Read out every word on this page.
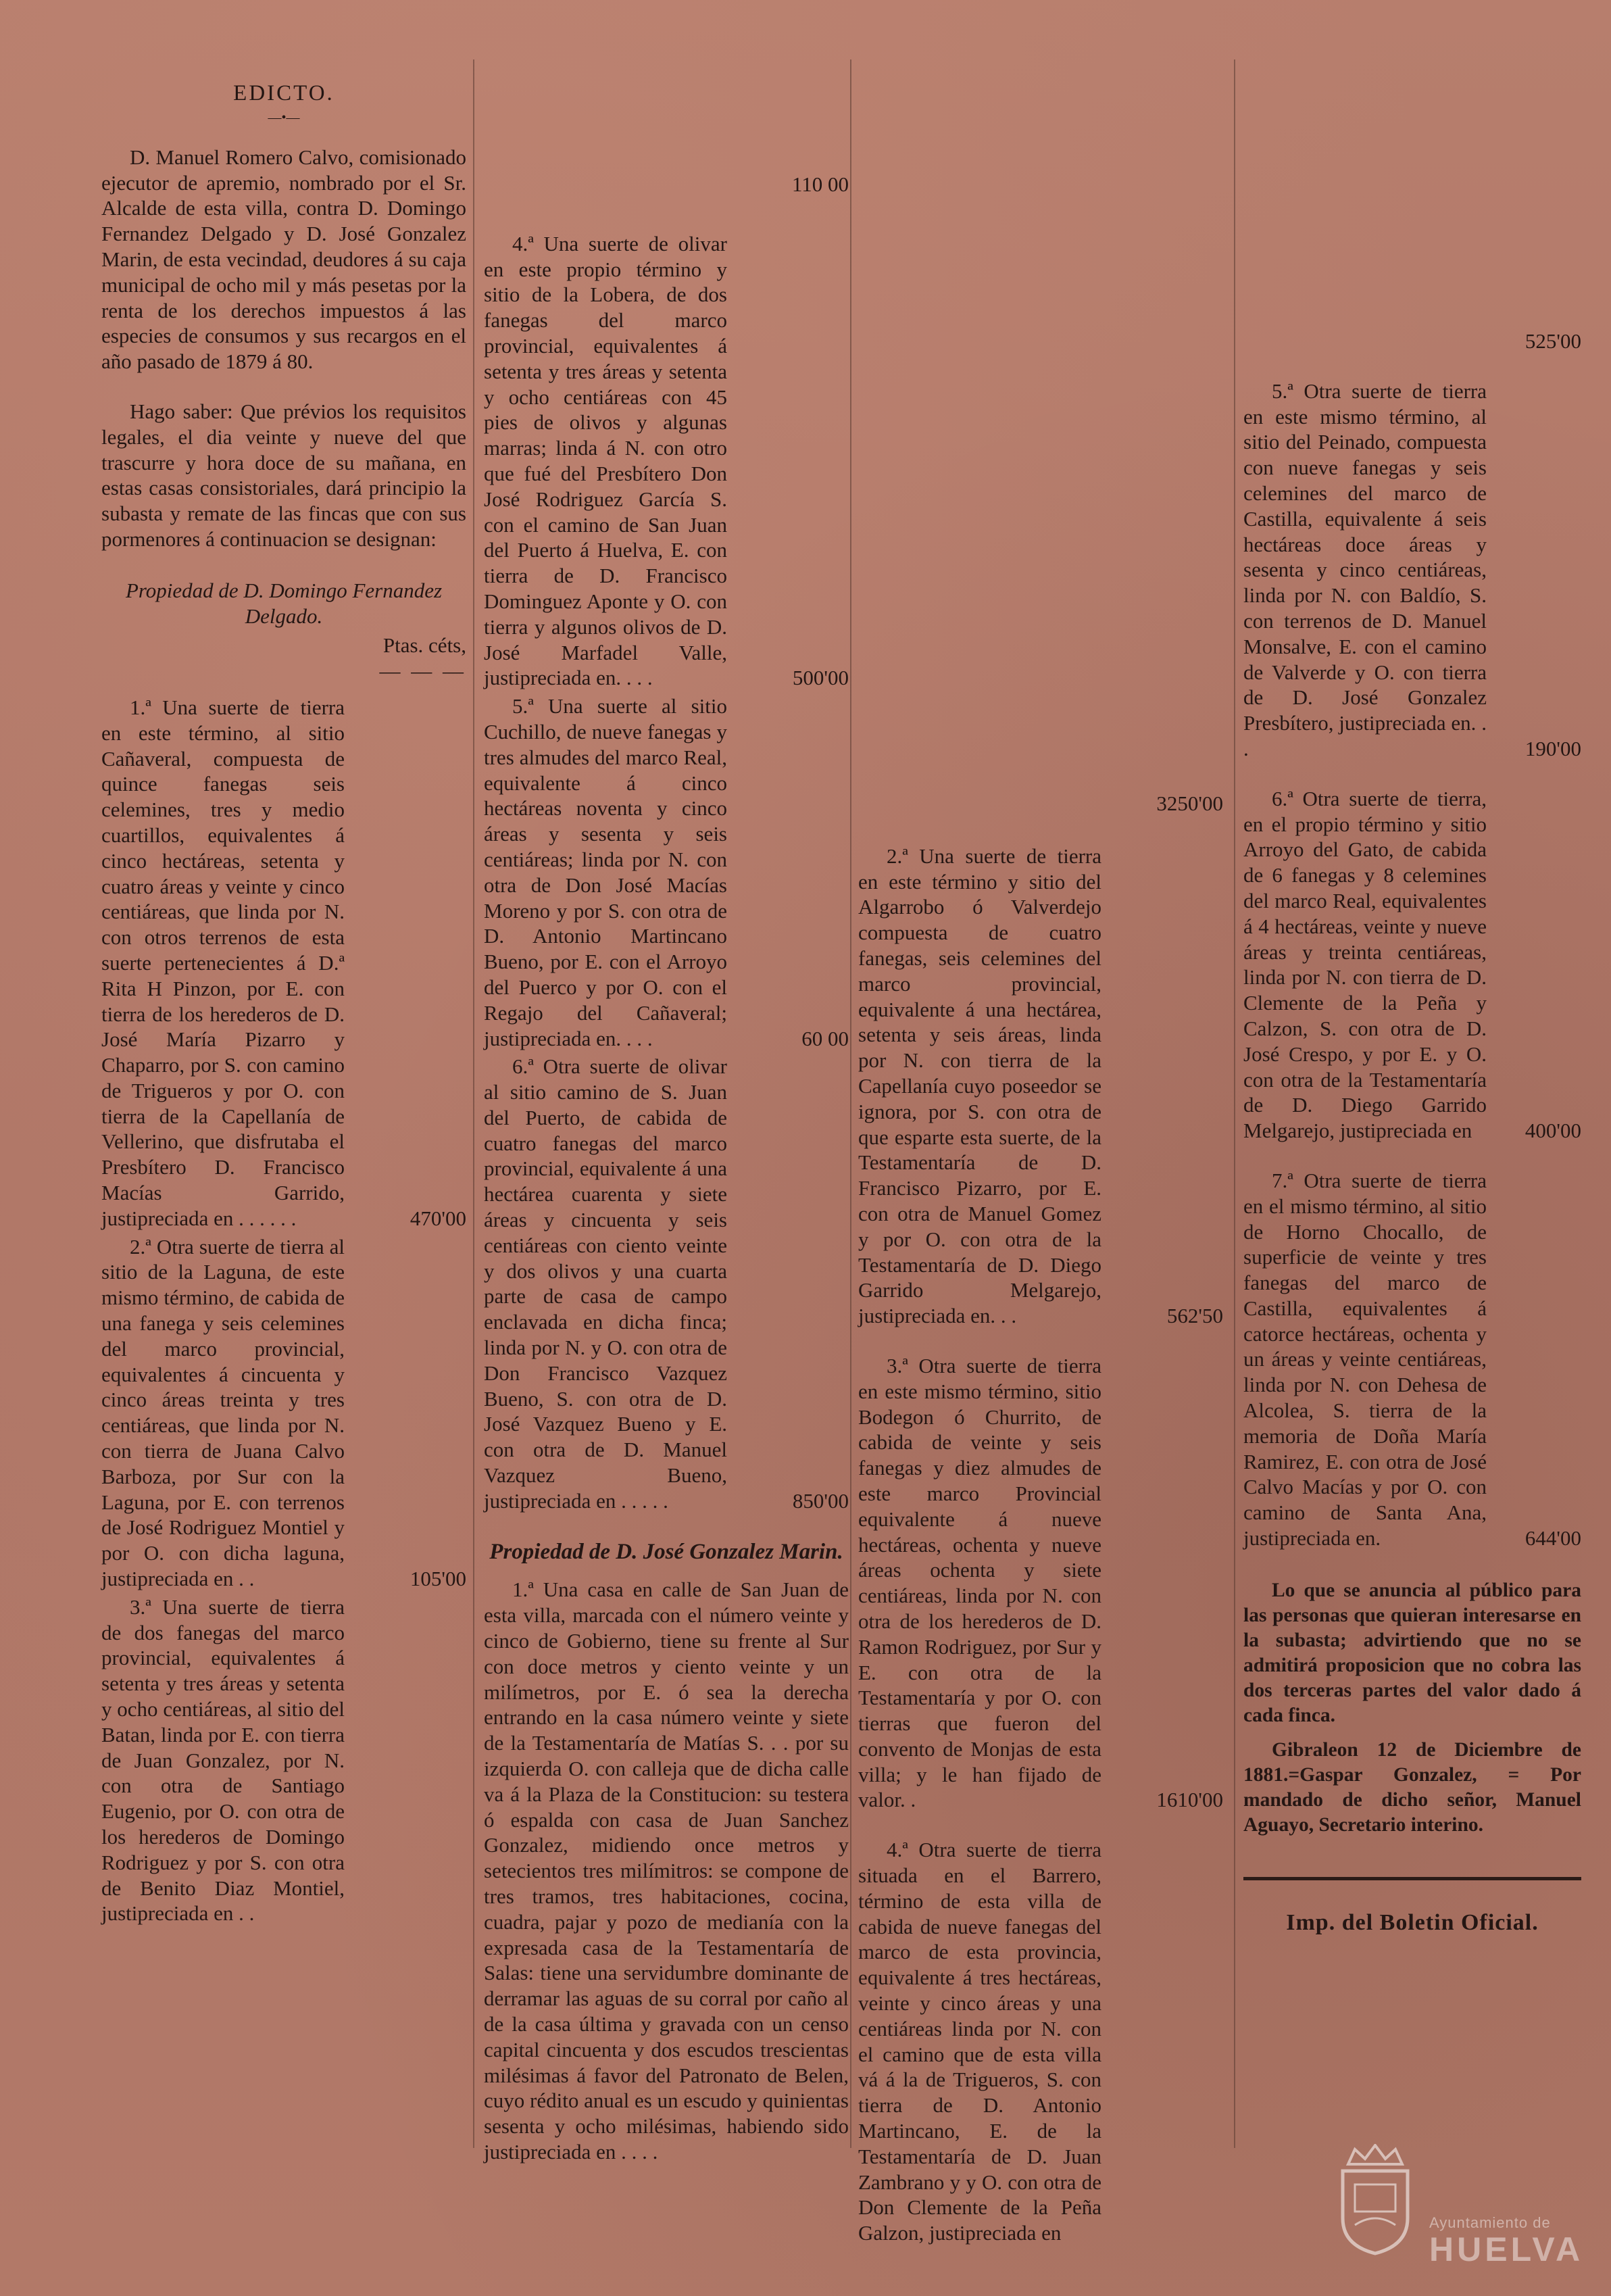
EDICTO.
—•—

D. Manuel Romero Calvo, comisionado ejecutor de apremio, nombrado por el Sr. Alcalde de esta villa, contra D. Domingo Fernandez Delgado y D. José Gonzalez Marin, de esta vecindad, deudores á su caja municipal de ocho mil y más pesetas por la renta de los derechos impuestos á las especies de consumos y sus recargos en el año pasado de 1879 á 80.

Hago saber: Que prévios los requisitos legales, el dia veinte y nueve del que trascurre y hora doce de su mañana, en estas casas consistoriales, dará principio la subasta y remate de las fincas que con sus pormenores á continuacion se designan:

Propiedad de D. Domingo Fernandez Delgado.
Ptas. céts,
— — —
1.ª Una suerte de tierra en este término, al sitio Cañaveral, compuesta de quince fanegas seis celemines, tres y medio cuartillos, equivalentes á cinco hectáreas, setenta y cuatro áreas y veinte y cinco centiáreas, que linda por N. con otros terrenos de esta suerte pertenecientes á D.ª Rita H Pinzon, por E. con tierra de los herederos de D. José María Pizarro y Chaparro, por S. con camino de Trigueros y por O. con tierra de la Capellanía de Vellerino, que disfrutaba el Presbítero D. Francisco Macías Garrido, justipreciada en . . . . . .	470'00
2.ª Otra suerte de tierra al sitio de la Laguna, de este mismo término, de cabida de una fanega y seis celemines del marco provincial, equivalentes á cincuenta y cinco áreas treinta y tres centiáreas, que linda por N. con tierra de Juana Calvo Barboza, por Sur con la Laguna, por E. con terrenos de José Rodriguez Montiel y por O. con dicha laguna, justipreciada en . .	105'00
3.ª Una suerte de tierra de dos fanegas del marco provincial, equivalentes á setenta y tres áreas y setenta y ocho centiáreas, al sitio del Batan, linda por E. con tierra de Juan Gonzalez, por N. con otra de Santiago Eugenio, por O. con otra de los herederos de Domingo Rodriguez y por S. con otra de Benito Diaz Montiel, justipreciada en . .
110 00
4.ª Una suerte de olivar en este propio término y sitio de la Lobera, de dos fanegas del marco provincial, equivalentes á setenta y tres áreas y setenta y ocho centiáreas con 45 pies de olivos y algunas marras; linda á N. con otro que fué del Presbítero Don José Rodriguez García S. con el camino de San Juan del Puerto á Huelva, E. con tierra de D. Francisco Dominguez Aponte y O. con tierra y algunos olivos de D. José Marfadel Valle, justipreciada en. . . .	500'00
5.ª Una suerte al sitio Cuchillo, de nueve fanegas y tres almudes del marco Real, equivalente á cinco hectáreas noventa y cinco áreas y sesenta y seis centiáreas; linda por N. con otra de Don José Macías Moreno y por S. con otra de D. Antonio Martincano Bueno, por E. con el Arroyo del Puerco y por O. con el Regajo del Cañaveral; justipreciada en. . . .	60 00
6.ª Otra suerte de olivar al sitio camino de S. Juan del Puerto, de cabida de cuatro fanegas del marco provincial, equivalente á una hectárea cuarenta y siete áreas y cincuenta y seis centiáreas con ciento veinte y dos olivos y una cuarta parte de casa de campo enclavada en dicha finca; linda por N. y O. con otra de Don Francisco Vazquez Bueno, S. con otra de D. José Vazquez Bueno y E. con otra de D. Manuel Vazquez Bueno, justipreciada en . . . . .	850'00
Propiedad de D. José Gonzalez Marin.
1.ª Una casa en calle de San Juan de esta villa, marcada con el número veinte y cinco de Gobierno, tiene su frente al Sur con doce metros y ciento veinte y un milímetros, por E. ó sea la derecha entrando en la casa número veinte y siete de la Testamentaría de Matías S. . . por su izquierda O. con calleja que de dicha calle va á la Plaza de la Constitucion: su testera ó espalda con casa de Juan Sanchez Gonzalez, midiendo once metros y setecientos tres milímitros: se compone de tres tramos, tres habitaciones, cocina, cuadra, pajar y pozo de medianía con la expresada casa de la Testamentaría de Salas: tiene una servidumbre dominante de derramar las aguas de su corral por caño al de la casa última y gravada con un censo capital cincuenta y dos escudos trescientas milésimas á favor del Patronato de Belen, cuyo rédito anual es un escudo y quinientas sesenta y ocho milésimas, habiendo sido justipreciada en . . . .
3250'00
2.ª Una suerte de tierra en este término y sitio del Algarrobo ó Valverdejo compuesta de cuatro fanegas, seis celemines del marco provincial, equivalente á una hectárea, setenta y seis áreas, linda por N. con tierra de la Capellanía cuyo poseedor se ignora, por S. con otra de que esparte esta suerte, de la Testamentaría de D. Francisco Pizarro, por E. con otra de Manuel Gomez y por O. con otra de la Testamentaría de D. Diego Garrido Melgarejo, justipreciada en. . .	562'50
3.ª Otra suerte de tierra en este mismo término, sitio Bodegon ó Churrito, de cabida de veinte y seis fanegas y diez almudes de este marco Provincial equivalente á nueve hectáreas, ochenta y nueve áreas ochenta y siete centiáreas, linda por N. con otra de los herederos de D. Ramon Rodriguez, por Sur y E. con otra de la Testamentaría y por O. con tierras que fueron del convento de Monjas de esta villa; y le han fijado de valor. .	1610'00
4.ª Otra suerte de tierra situada en el Barrero, término de esta villa de cabida de nueve fanegas del marco de esta provincia, equivalente á tres hectáreas, veinte y cinco áreas y una centiáreas linda por N. con el camino que de esta villa vá á la de Trigueros, S. con tierra de D. Antonio Martincano, E. de la Testamentaría de D. Juan Zambrano y y O. con otra de Don Clemente de la Peña Galzon, justipreciada en
525'00
5.ª Otra suerte de tierra en este mismo término, al sitio del Peinado, compuesta con nueve fanegas y seis celemines del marco de Castilla, equivalente á seis hectáreas doce áreas y sesenta y cinco centiáreas, linda por N. con Baldío, S. con terrenos de D. Manuel Monsalve, E. con el camino de Valverde y O. con tierra de D. José Gonzalez Presbítero, justipreciada en. . .	190'00
6.ª Otra suerte de tierra, en el propio término y sitio Arroyo del Gato, de cabida de 6 fanegas y 8 celemines del marco Real, equivalentes á 4 hectáreas, veinte y nueve áreas y treinta centiáreas, linda por N. con tierra de D. Clemente de la Peña y Calzon, S. con otra de D. José Crespo, y por E. y O. con otra de la Testamentaría de D. Diego Garrido Melgarejo, justipreciada en	400'00
7.ª Otra suerte de tierra en el mismo término, al sitio de Horno Chocallo, de superficie de veinte y tres fanegas del marco de Castilla, equivalentes á catorce hectáreas, ochenta y un áreas y veinte centiáreas, linda por N. con Dehesa de Alcolea, S. tierra de la memoria de Doña María Ramirez, E. con otra de José Calvo Macías y por O. con camino de Santa Ana, justipreciada en.	644'00
Lo que se anuncia al público para las personas que quieran interesarse en la subasta; advirtiendo que no se admitirá proposicion que no cobra las dos terceras partes del valor dado á cada finca.
Gibraleon 12 de Diciembre de 1881.=Gaspar Gonzalez, = Por mandado de dicho señor, Manuel Aguayo, Secretario interino.
Imp. del Boletin Oficial.
Ayuntamiento de
HUELVA
